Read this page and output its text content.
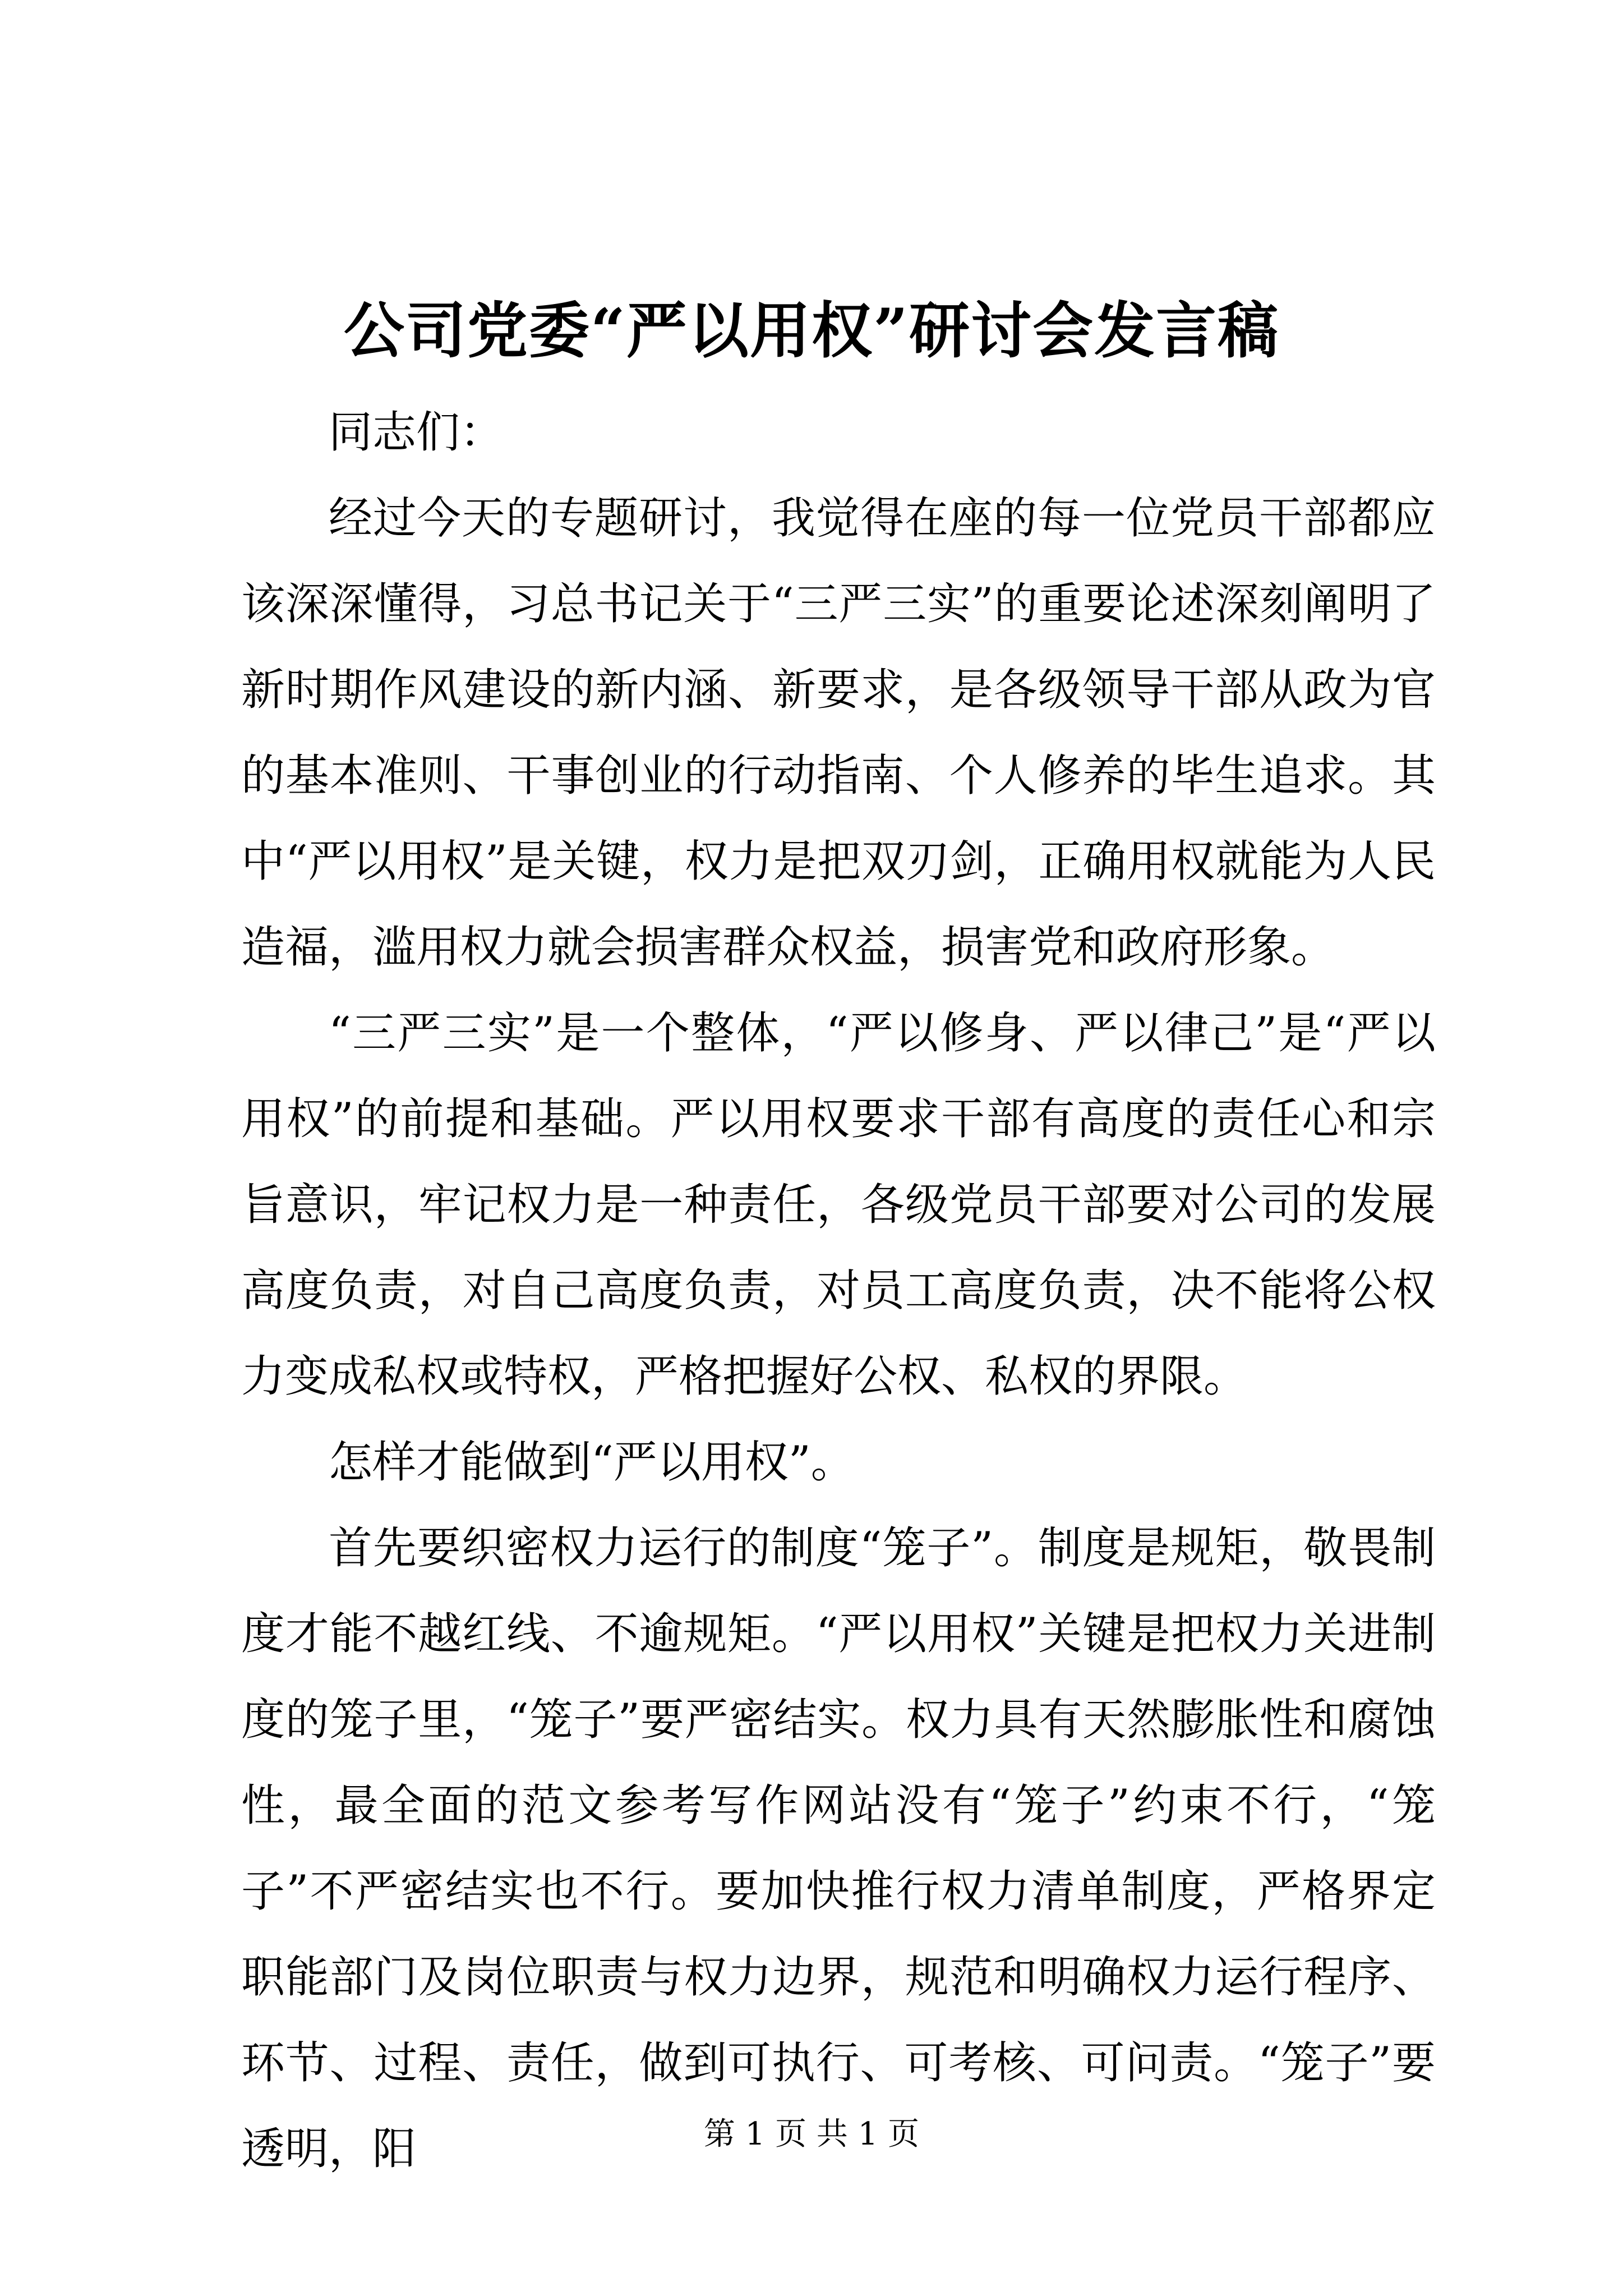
公司党委“严以用权”研讨会发言稿

同志们：

经过今天的专题研讨，我觉得在座的每一位党员干部都应该深深懂得，习总书记关于“三严三实”的重要论述深刻阐明了新时期作风建设的新内涵、新要求，是各级领导干部从政为官的基本准则、干事创业的行动指南、个人修养的毕生追求。其中“严以用权”是关键，权力是把双刃剑，正确用权就能为人民造福，滥用权力就会损害群众权益，损害党和政府形象。

“三严三实”是一个整体，“严以修身、严以律己”是“严以用权”的前提和基础。严以用权要求干部有高度的责任心和宗旨意识，牢记权力是一种责任，各级党员干部要对公司的发展高度负责，对自己高度负责，对员工高度负责，决不能将公权力变成私权或特权，严格把握好公权、私权的界限。

怎样才能做到“严以用权”。

首先要织密权力运行的制度“笼子”。制度是规矩，敬畏制度才能不越红线、不逾规矩。“严以用权”关键是把权力关进制度的笼子里，“笼子”要严密结实。权力具有天然膨胀性和腐蚀性，最全面的范文参考写作网站没有“笼子”约束不行，“笼子”不严密结实也不行。要加快推行权力清单制度，严格界定职能部门及岗位职责与权力边界，规范和明确权力运行程序、环节、过程、责任，做到可执行、可考核、可问责。“笼子”要透明，阳	第 1 页 共 1 页
